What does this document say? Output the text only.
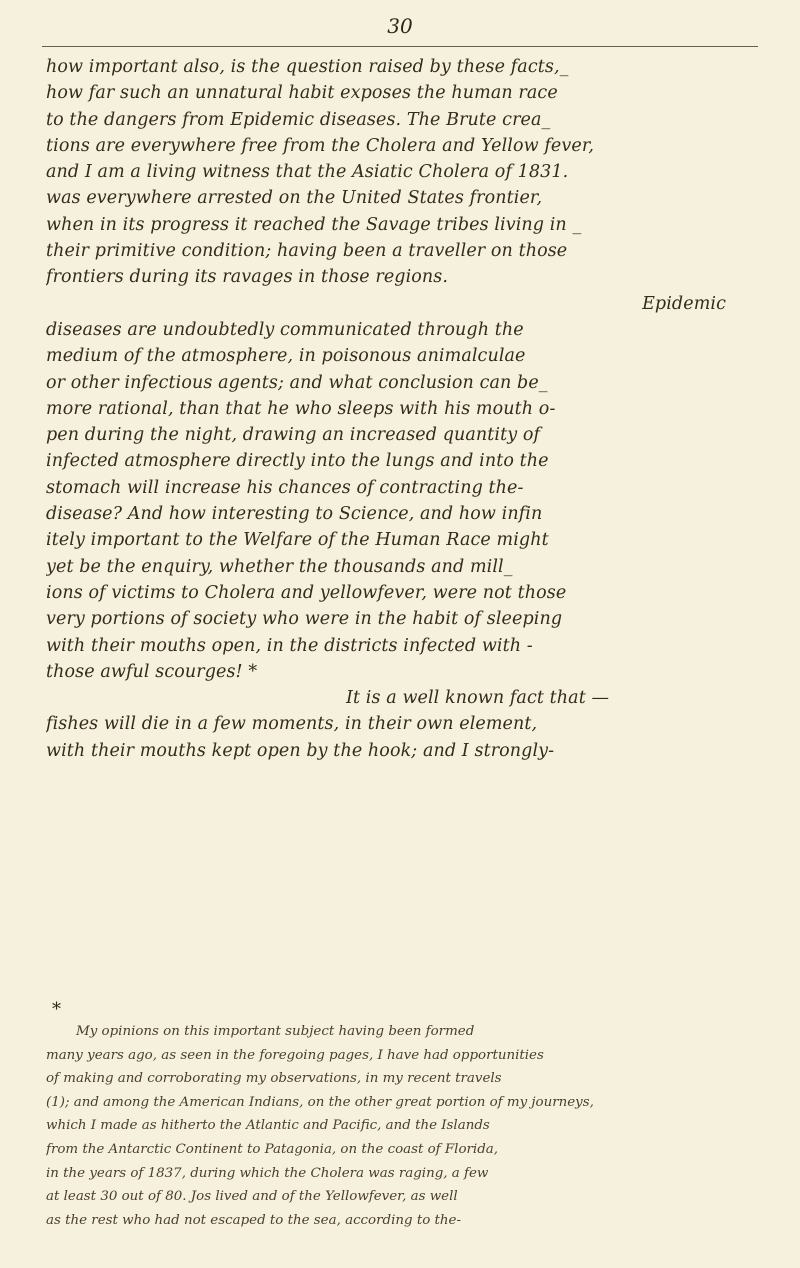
30
how important also, is the question raised by these facts,_
how far such an unnatural habit exposes the human race
to the dangers from Epidemic diseases. The Brute crea_
tions are everywhere free from the Cholera and Yellow fever,
and I am a living witness that the Asiatic Cholera of 1831.
was everywhere arrested on the United States frontier,
when in its progress it reached the Savage tribes living in _
their primitive condition; having been a traveller on those
frontiers during its ravages in those regions.
Epidemic
diseases are undoubtedly communicated through the
medium of the atmosphere, in poisonous animalculae
or other infectious agents; and what conclusion can be_
more rational, than that he who sleeps with his mouth o-
pen during the night, drawing an increased quantity of
infected atmosphere directly into the lungs and into the
stomach will increase his chances of contracting the-
disease? And how interesting to Science, and how infin
itely important to the Welfare of the Human Race might
yet be the enquiry, whether the thousands and mill_
ions of victims to Cholera and yellowfever, were not those
very portions of society who were in the habit of sleeping
with their mouths open, in the districts infected with -
those awful scourges! *
It is a well known fact that —
fishes will die in a few moments, in their own element,
with their mouths kept open by the hook; and I strongly-
*
My opinions on this important subject having been formed
many years ago, as seen in the foregoing pages, I have had opportunities
of making and corroborating my observations, in my recent travels
(1); and among the American Indians, on the other great portion of my journeys,
which I made as hitherto the Atlantic and Pacific, and the Islands
from the Antarctic Continent to Patagonia, on the coast of Florida,
in the years of 1837, during which the Cholera was raging, a few
at least 30 out of 80. Jos lived and of the Yellowfever, as well
as the rest who had not escaped to the sea, according to the-
